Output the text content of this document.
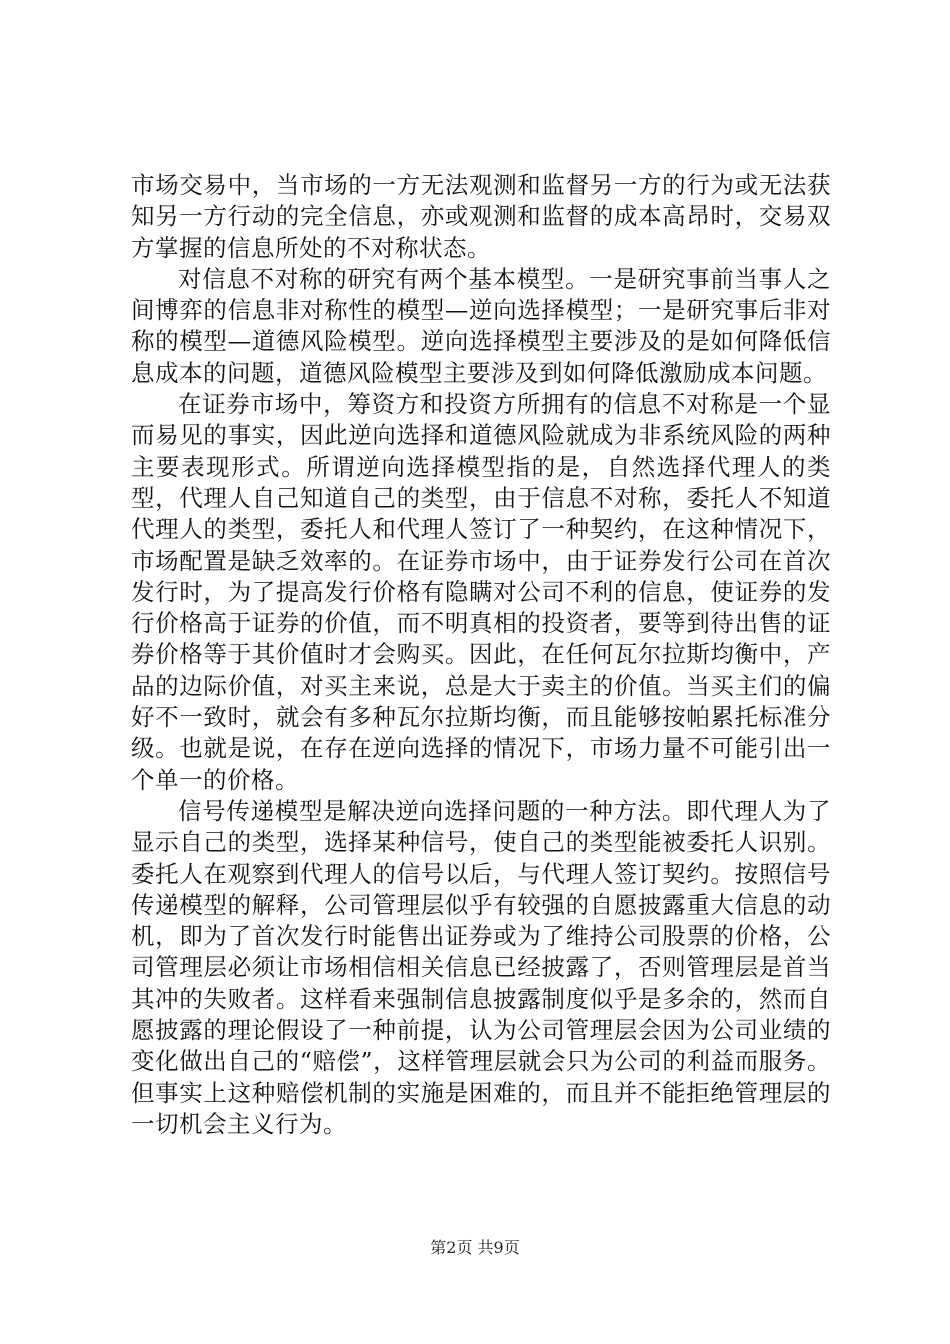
市场交易中，当市场的一方无法观测和监督另一方的行为或无法获知另一方行动的完全信息，亦或观测和监督的成本高昂时，交易双方掌握的信息所处的不对称状态。

对信息不对称的研究有两个基本模型。一是研究事前当事人之间博弈的信息非对称性的模型—逆向选择模型；一是研究事后非对称的模型—道德风险模型。逆向选择模型主要涉及的是如何降低信息成本的问题，道德风险模型主要涉及到如何降低激励成本问题。

在证券市场中，筹资方和投资方所拥有的信息不对称是一个显而易见的事实，因此逆向选择和道德风险就成为非系统风险的两种主要表现形式。所谓逆向选择模型指的是，自然选择代理人的类型，代理人自己知道自己的类型，由于信息不对称，委托人不知道代理人的类型，委托人和代理人签订了一种契约，在这种情况下，市场配置是缺乏效率的。在证券市场中，由于证券发行公司在首次发行时，为了提高发行价格有隐瞒对公司不利的信息，使证券的发行价格高于证券的价值，而不明真相的投资者，要等到待出售的证券价格等于其价值时才会购买。因此，在任何瓦尔拉斯均衡中，产品的边际价值，对买主来说，总是大于卖主的价值。当买主们的偏好不一致时，就会有多种瓦尔拉斯均衡，而且能够按帕累托标准分级。也就是说，在存在逆向选择的情况下，市场力量不可能引出一个单一的价格。

信号传递模型是解决逆向选择问题的一种方法。即代理人为了显示自己的类型，选择某种信号，使自己的类型能被委托人识别。委托人在观察到代理人的信号以后，与代理人签订契约。按照信号传递模型的解释，公司管理层似乎有较强的自愿披露重大信息的动机，即为了首次发行时能售出证券或为了维持公司股票的价格，公司管理层必须让市场相信相关信息已经披露了，否则管理层是首当其冲的失败者。这样看来强制信息披露制度似乎是多余的，然而自愿披露的理论假设了一种前提，认为公司管理层会因为公司业绩的变化做出自己的“赔偿”，这样管理层就会只为公司的利益而服务。但事实上这种赔偿机制的实施是困难的，而且并不能拒绝管理层的一切机会主义行为。

第2页 共9页
